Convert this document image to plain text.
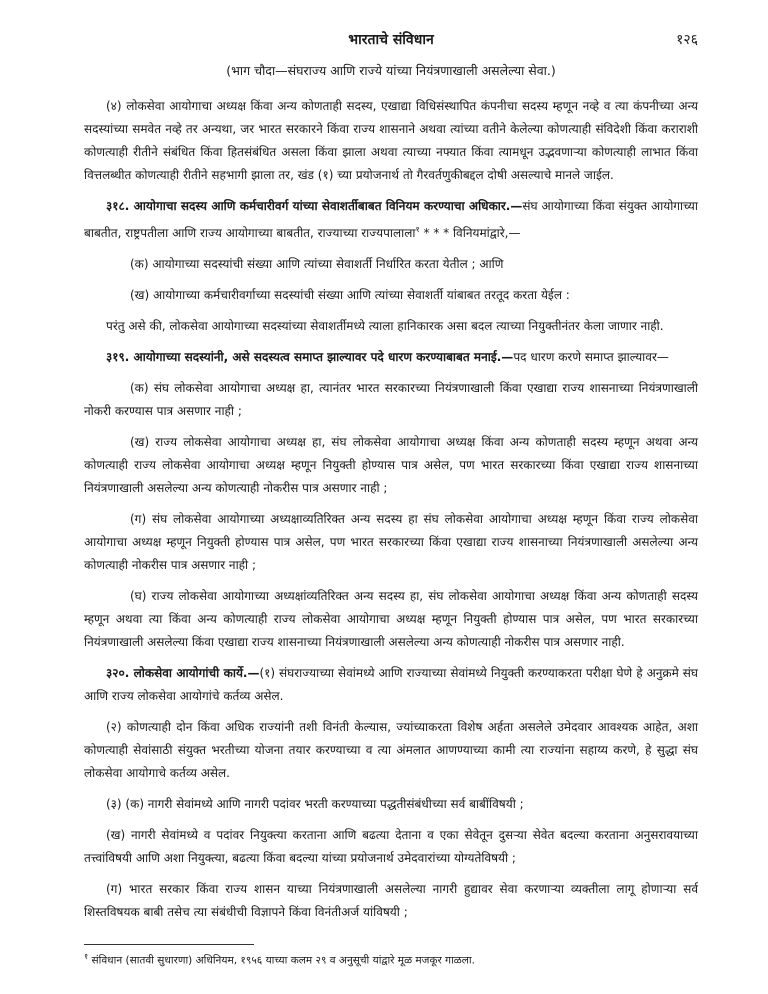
भारताचे संविधान	१२६
(भाग चौदा—संघराज्य आणि राज्ये यांच्या नियंत्रणाखाली असलेल्या सेवा.)

(४) लोकसेवा आयोगाचा अध्यक्ष किंवा अन्य कोणताही सदस्य, एखाद्या विधिसंस्थापित कंपनीचा सदस्य म्हणून नव्हे व त्या कंपनीच्या अन्य सदस्यांच्या समवेत नव्हे तर अन्यथा, जर भारत सरकारने किंवा राज्य शासनाने अथवा त्यांच्या वतीने केलेल्या कोणत्याही संविदेशी किंवा कराराशी कोणत्याही रीतीने संबंधित किंवा हितसंबंधित असला किंवा झाला अथवा त्याच्या नफ्यात किंवा त्यामधून उद्भवणाऱ्या कोणत्याही लाभात किंवा वित्तलब्धीत कोणत्याही रीतीने सहभागी झाला तर, खंड (१) च्या प्रयोजनार्थ तो गैरवर्तणुकीबद्दल दोषी असल्याचे मानले जाईल.

३१८. आयोगाचा सदस्य आणि कर्मचारीवर्ग यांच्या सेवाशर्तीबाबत विनियम करण्याचा अधिकार.—संघ आयोगाच्या किंवा संयुक्त आयोगाच्या बाबतीत, राष्ट्रपतीला आणि राज्य आयोगाच्या बाबतीत, राज्याच्या राज्यपालाला$^१$ * * * विनियमांद्वारे,—

(क) आयोगाच्या सदस्यांची संख्या आणि त्यांच्या सेवाशर्ती निर्धारित करता येतील ; आणि

(ख) आयोगाच्या कर्मचारीवर्गाच्या सदस्यांची संख्या आणि त्यांच्या सेवाशर्ती यांबाबत तरतूद करता येईल :

परंतु असे की, लोकसेवा आयोगाच्या सदस्यांच्या सेवाशर्तीमध्ये त्याला हानिकारक असा बदल त्याच्या नियुक्तीनंतर केला जाणार नाही.

३१९. आयोगाच्या सदस्यांनी, असे सदस्यत्व समाप्त झाल्यावर पदे धारण करण्याबाबत मनाई.—पद धारण करणे समाप्त झाल्यावर—

(क) संघ लोकसेवा आयोगाचा अध्यक्ष हा, त्यानंतर भारत सरकारच्या नियंत्रणाखाली किंवा एखाद्या राज्य शासनाच्या नियंत्रणाखाली नोकरी करण्यास पात्र असणार नाही ;

(ख) राज्य लोकसेवा आयोगाचा अध्यक्ष हा, संघ लोकसेवा आयोगाचा अध्यक्ष किंवा अन्य कोणताही सदस्य म्हणून अथवा अन्य कोणत्याही राज्य लोकसेवा आयोगाचा अध्यक्ष म्हणून नियुक्ती होण्यास पात्र असेल, पण भारत सरकारच्या किंवा एखाद्या राज्य शासनाच्या नियंत्रणाखाली असलेल्या अन्य कोणत्याही नोकरीस पात्र असणार नाही ;

(ग) संघ लोकसेवा आयोगाच्या अध्यक्षाव्यतिरिक्त अन्य सदस्य हा संघ लोकसेवा आयोगाचा अध्यक्ष म्हणून किंवा राज्य लोकसेवा आयोगाचा अध्यक्ष म्हणून नियुक्ती होण्यास पात्र असेल, पण भारत सरकारच्या किंवा एखाद्या राज्य शासनाच्या नियंत्रणाखाली असलेल्या अन्य कोणत्याही नोकरीस पात्र असणार नाही ;

(घ) राज्य लोकसेवा आयोगाच्या अध्यक्षांव्यतिरिक्त अन्य सदस्य हा, संघ लोकसेवा आयोगाचा अध्यक्ष किंवा अन्य कोणताही सदस्य म्हणून अथवा त्या किंवा अन्य कोणत्याही राज्य लोकसेवा आयोगाचा अध्यक्ष म्हणून नियुक्ती होण्यास पात्र असेल, पण भारत सरकारच्या नियंत्रणाखाली असलेल्या किंवा एखाद्या राज्य शासनाच्या नियंत्रणाखाली असलेल्या अन्य कोणत्याही नोकरीस पात्र असणार नाही.

३२०. लोकसेवा आयोगांची कार्ये.—(१) संघराज्याच्या सेवांमध्ये आणि राज्याच्या सेवांमध्ये नियुक्ती करण्याकरता परीक्षा घेणे हे अनुक्रमे संघ आणि राज्य लोकसेवा आयोगांचे कर्तव्य असेल.

(२) कोणत्याही दोन किंवा अधिक राज्यांनी तशी विनंती केल्यास, ज्यांच्याकरता विशेष अर्हता असलेले उमेदवार आवश्यक आहेत, अशा कोणत्याही सेवांसाठी संयुक्त भरतीच्या योजना तयार करण्याच्या व त्या अंमलात आणण्याच्या कामी त्या राज्यांना सहाय्य करणे, हे सुद्धा संघ लोकसेवा आयोगाचे कर्तव्य असेल.

(३) (क) नागरी सेवांमध्ये आणि नागरी पदांवर भरती करण्याच्या पद्धतीसंबंधीच्या सर्व बाबींविषयी ;

(ख) नागरी सेवांमध्ये व पदांवर नियुक्त्या करताना आणि बढत्या देताना व एका सेवेतून दुसऱ्या सेवेत बदल्या करताना अनुसरावयाच्या तत्त्वांविषयी आणि अशा नियुक्त्या, बढत्या किंवा बदल्या यांच्या प्रयोजनार्थ उमेदवारांच्या योग्यतेविषयी ;

(ग) भारत सरकार किंवा राज्य शासन याच्या नियंत्रणाखाली असलेल्या नागरी हुद्यावर सेवा करणाऱ्या व्यक्तीला लागू होणाऱ्या सर्व शिस्तविषयक बाबी तसेच त्या संबंधीची विज्ञापने किंवा विनंतीअर्ज यांविषयी ;

$^१$ संविधान (सातवी सुधारणा) अधिनियम, १९५६ याच्या कलम २९ व अनुसूची यांद्वारे मूळ मजकूर गाळला.
